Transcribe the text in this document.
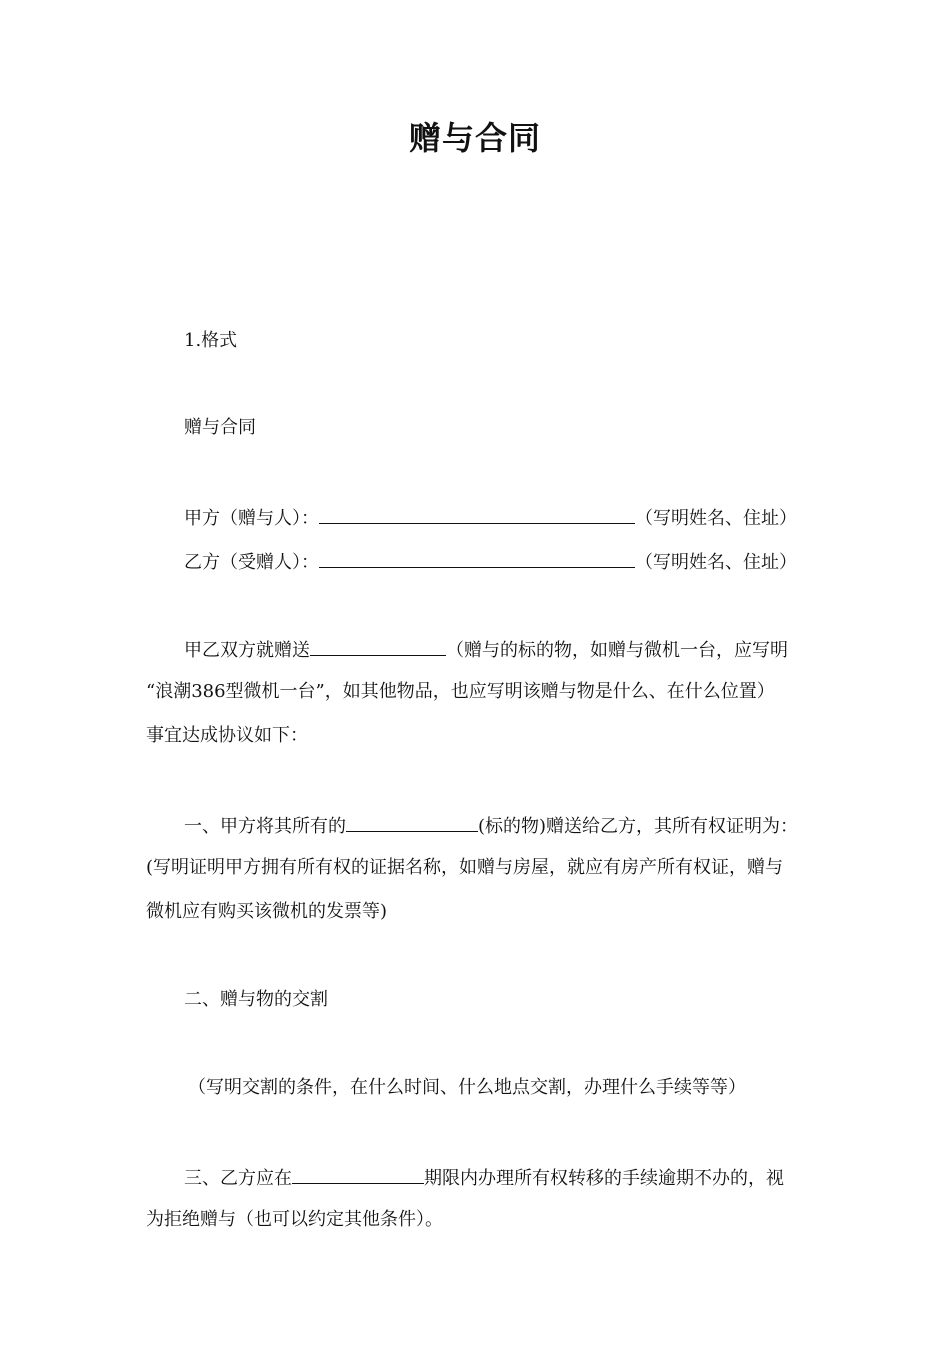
赠与合同
1.格式
赠与合同
甲方（赠与人）：	（写明姓名、住址）
乙方（受赠人）：	（写明姓名、住址）
甲乙双方就赠送	（赠与的标的物，如赠与微机一台，应写明
“浪潮386型微机一台”，如其他物品，也应写明该赠与物是什么、在什么位置）
事宜达成协议如下：
一、甲方将其所有的	(标的物)赠送给乙方，其所有权证明为：
(写明证明甲方拥有所有权的证据名称，如赠与房屋，就应有房产所有权证，赠与
微机应有购买该微机的发票等)
二、赠与物的交割
（写明交割的条件，在什么时间、什么地点交割，办理什么手续等等）
三、乙方应在	期限内办理所有权转移的手续逾期不办的，视
为拒绝赠与（也可以约定其他条件）。
